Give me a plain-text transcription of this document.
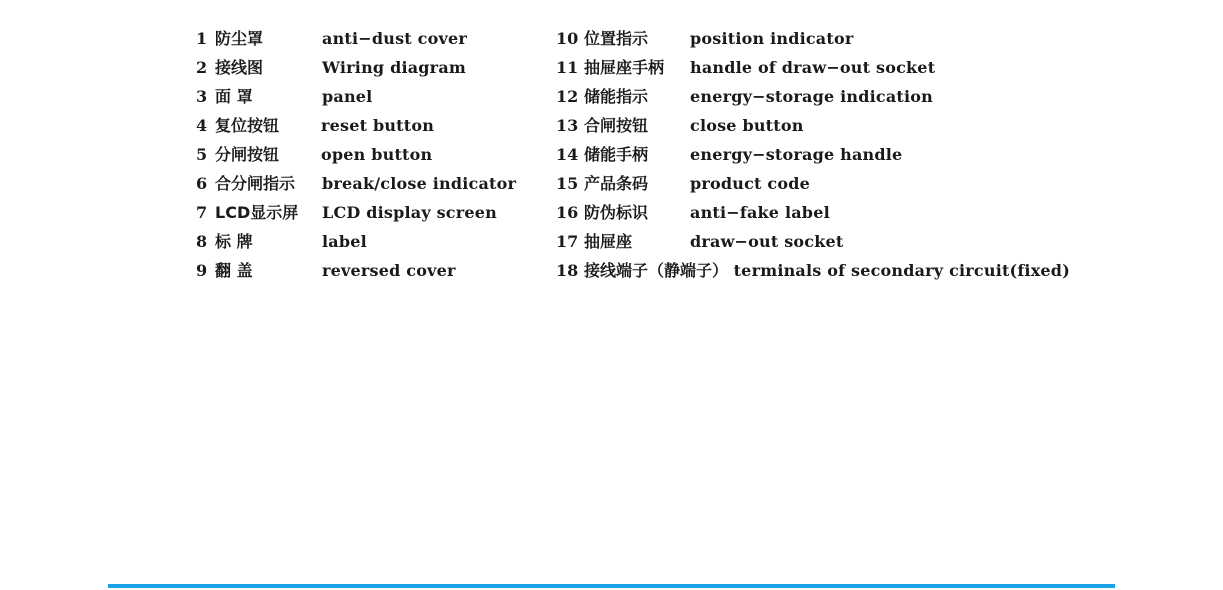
1 防尘罩	anti−dust cover
2 接线图	Wiring diagram
3 面 罩	panel
4 复位按钮	reset button
5 分闸按钮	open button
6 合分闸指示 break/close indicator
7 LCD显示屏 LCD display screen
8 标 牌	label
9 翻 盖	reversed cover
10 位置指示	position indicator
11 抽屉座手柄 handle of draw−out socket
12 储能指示	energy−storage indication
13 合闸按钮	close button
14 储能手柄	energy−storage handle
15 产品条码	product code
16 防伪标识	anti−fake label
17 抽屉座	draw−out socket
18 接线端子（静端子） terminals of secondary circuit(fixed)
